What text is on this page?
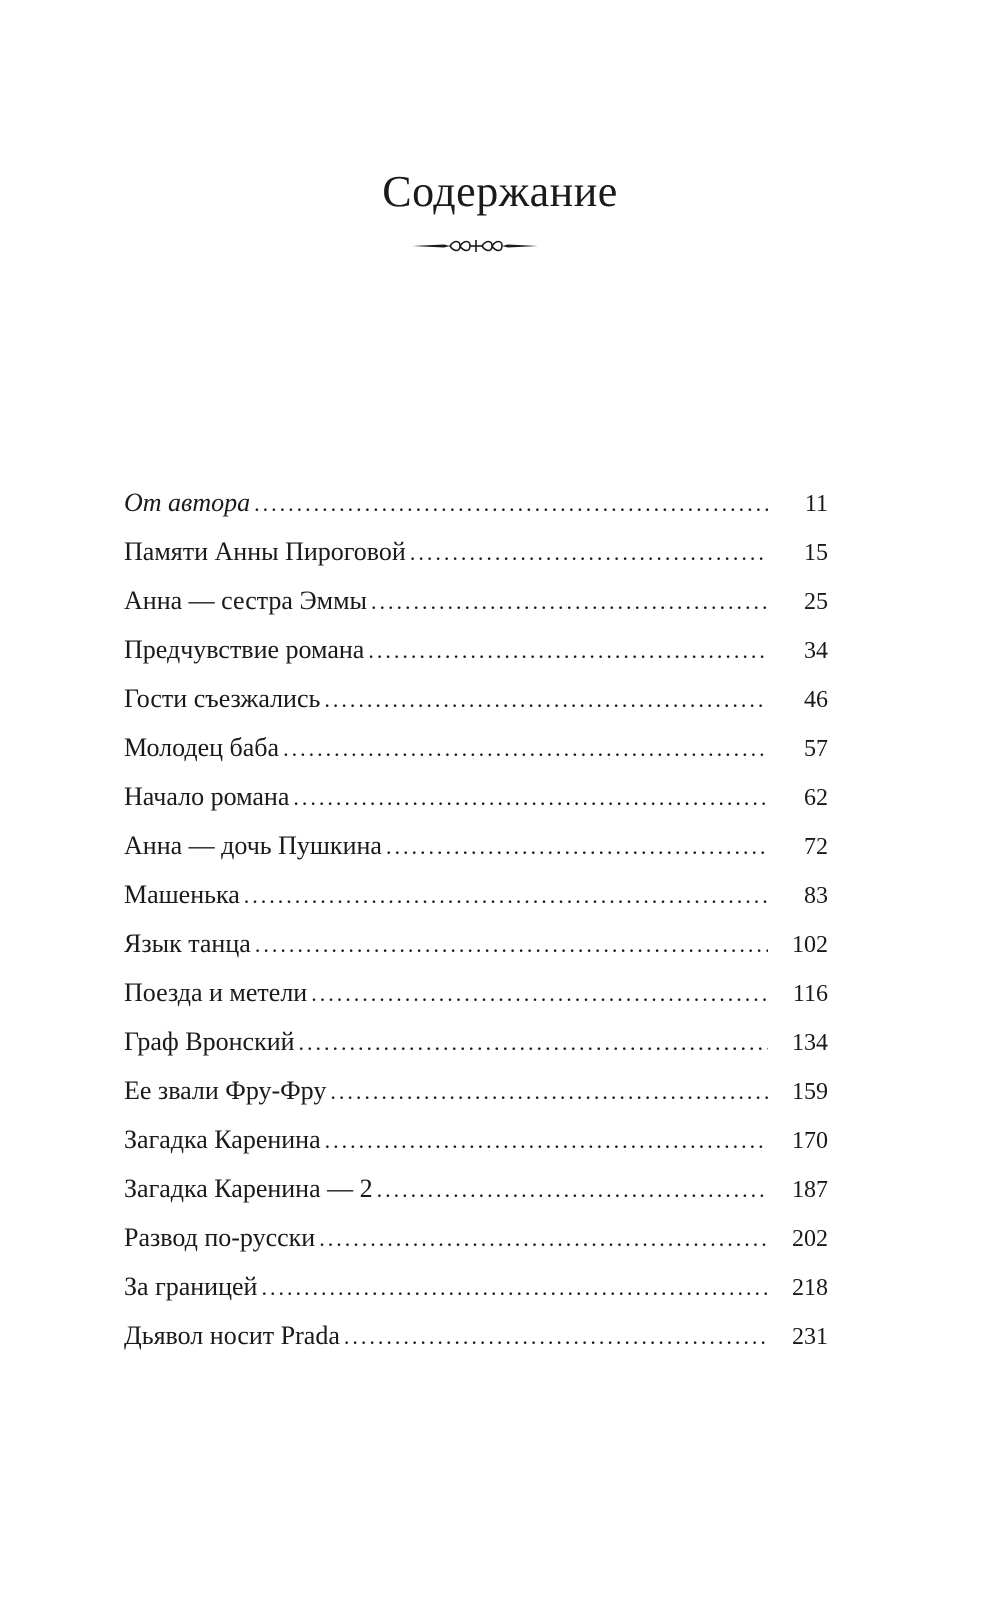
Содержание
От автора .....	11
Памяти Анны Пироговой .....	15
Анна — сестра Эммы .....	25
Предчувствие романа .....	34
Гости съезжались .....	46
Молодец баба .....	57
Начало романа .....	62
Анна — дочь Пушкина .....	72
Машенька .....	83
Язык танца .....	102
Поезда и метели .....	116
Граф Вронский .....	134
Ее звали Фру-Фру .....	159
Загадка Каренина .....	170
Загадка Каренина — 2 .....	187
Развод по-русски .....	202
За границей .....	218
Дьявол носит Prada .....	231
